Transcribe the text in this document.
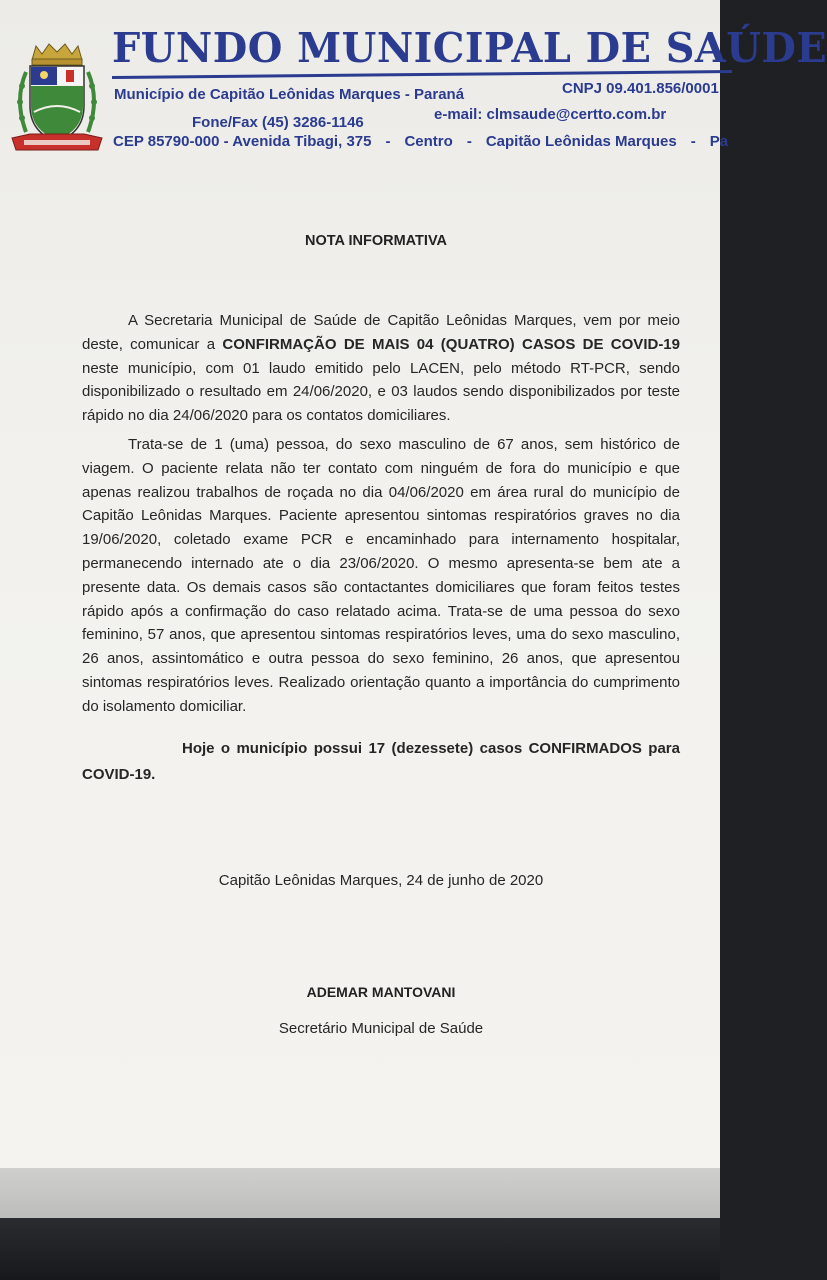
FUNDO MUNICIPAL DE SAÚDE
Município de Capitão Leônidas Marques - Paraná	CNPJ 09.401.856/0001
Fone/Fax (45) 3286-1146	e-mail: clmsaude@certto.com.br
CEP 85790-000 - Avenida Tibagi, 375 - Centro - Capitão Leônidas Marques - Pa
NOTA INFORMATIVA

A Secretaria Municipal de Saúde de Capitão Leônidas Marques, vem por meio deste, comunicar a CONFIRMAÇÃO DE MAIS 04 (QUATRO) CASOS DE COVID-19 neste município, com 01 laudo emitido pelo LACEN, pelo método RT-PCR, sendo disponibilizado o resultado em 24/06/2020, e 03 laudos sendo disponibilizados por teste rápido no dia 24/06/2020 para os contatos domiciliares.

Trata-se de 1 (uma) pessoa, do sexo masculino de 67 anos, sem histórico de viagem. O paciente relata não ter contato com ninguém de fora do município e que apenas realizou trabalhos de roçada no dia 04/06/2020 em área rural do município de Capitão Leônidas Marques. Paciente apresentou sintomas respiratórios graves no dia 19/06/2020, coletado exame PCR e encaminhado para internamento hospitalar, permanecendo internado ate o dia 23/06/2020. O mesmo apresenta-se bem ate a presente data. Os demais casos são contactantes domiciliares que foram feitos testes rápido após a confirmação do caso relatado acima. Trata-se de uma pessoa do sexo feminino, 57 anos, que apresentou sintomas respiratórios leves, uma do sexo masculino, 26 anos, assintomático e outra pessoa do sexo feminino, 26 anos, que apresentou sintomas respiratórios leves. Realizado orientação quanto a importância do cumprimento do isolamento domiciliar.

Hoje o município possui 17 (dezessete) casos CONFIRMADOS para COVID-19.

Capitão Leônidas Marques, 24 de junho de 2020
ADEMAR MANTOVANI
Secretário Municipal de Saúde
